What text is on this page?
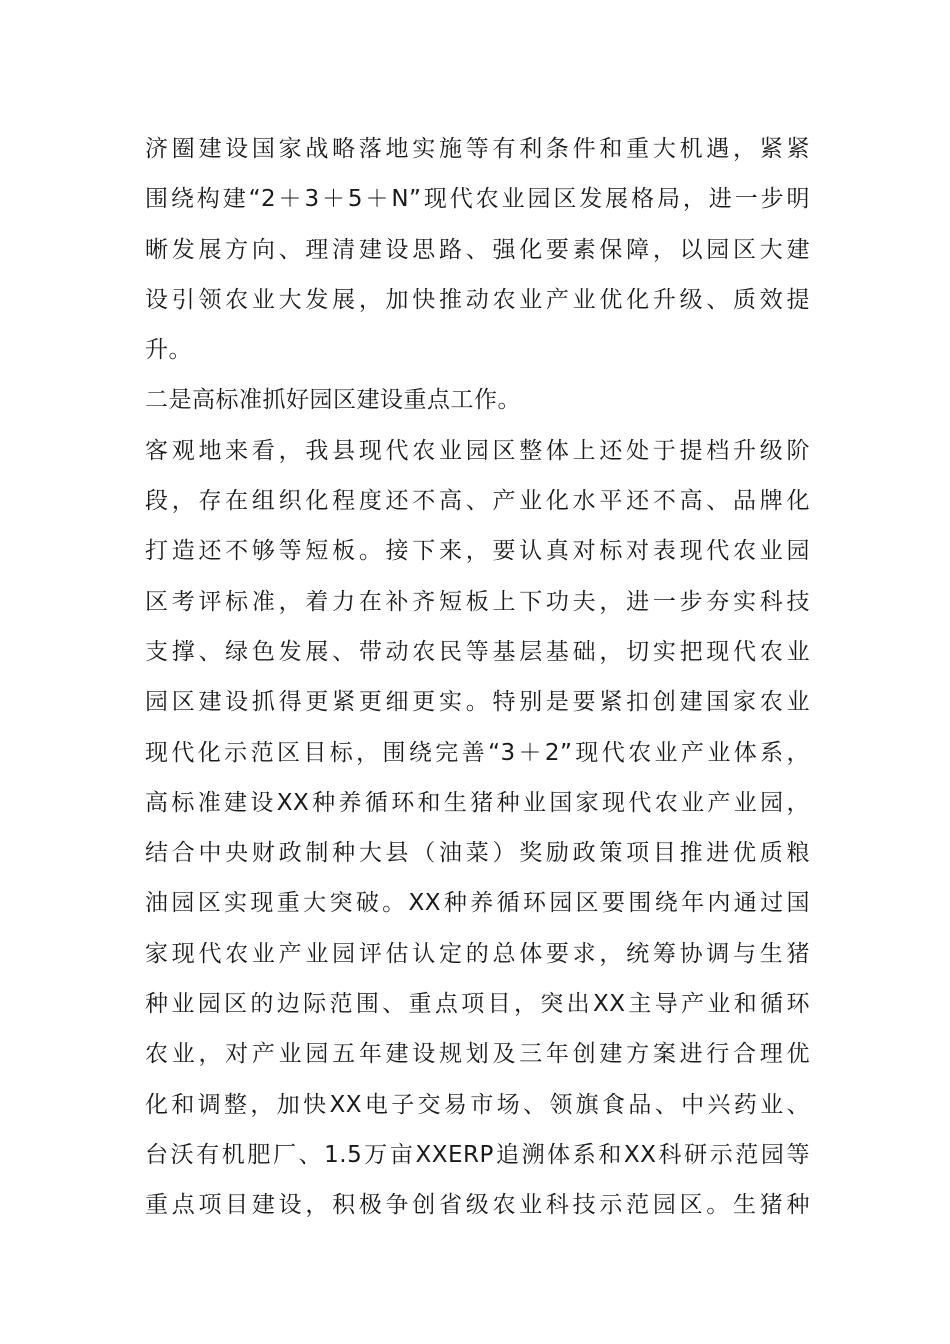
济圈建设国家战略落地实施等有利条件和重大机遇，紧紧
围绕构建“2＋3＋5＋N”现代农业园区发展格局，进一步明
晰发展方向、理清建设思路、强化要素保障，以园区大建
设引领农业大发展，加快推动农业产业优化升级、质效提
升。
二是高标准抓好园区建设重点工作。
客观地来看，我县现代农业园区整体上还处于提档升级阶
段，存在组织化程度还不高、产业化水平还不高、品牌化
打造还不够等短板。接下来，要认真对标对表现代农业园
区考评标准，着力在补齐短板上下功夫，进一步夯实科技
支撑、绿色发展、带动农民等基层基础，切实把现代农业
园区建设抓得更紧更细更实。特别是要紧扣创建国家农业
现代化示范区目标，围绕完善“3＋2”现代农业产业体系，
高标准建设XX种养循环和生猪种业国家现代农业产业园，
结合中央财政制种大县（油菜）奖励政策项目推进优质粮
油园区实现重大突破。XX种养循环园区要围绕年内通过国
家现代农业产业园评估认定的总体要求，统筹协调与生猪
种业园区的边际范围、重点项目，突出XX主导产业和循环
农业，对产业园五年建设规划及三年创建方案进行合理优
化和调整，加快XX电子交易市场、领旗食品、中兴药业、
台沃有机肥厂、1.5万亩XXERP追溯体系和XX科研示范园等
重点项目建设，积极争创省级农业科技示范园区。生猪种
